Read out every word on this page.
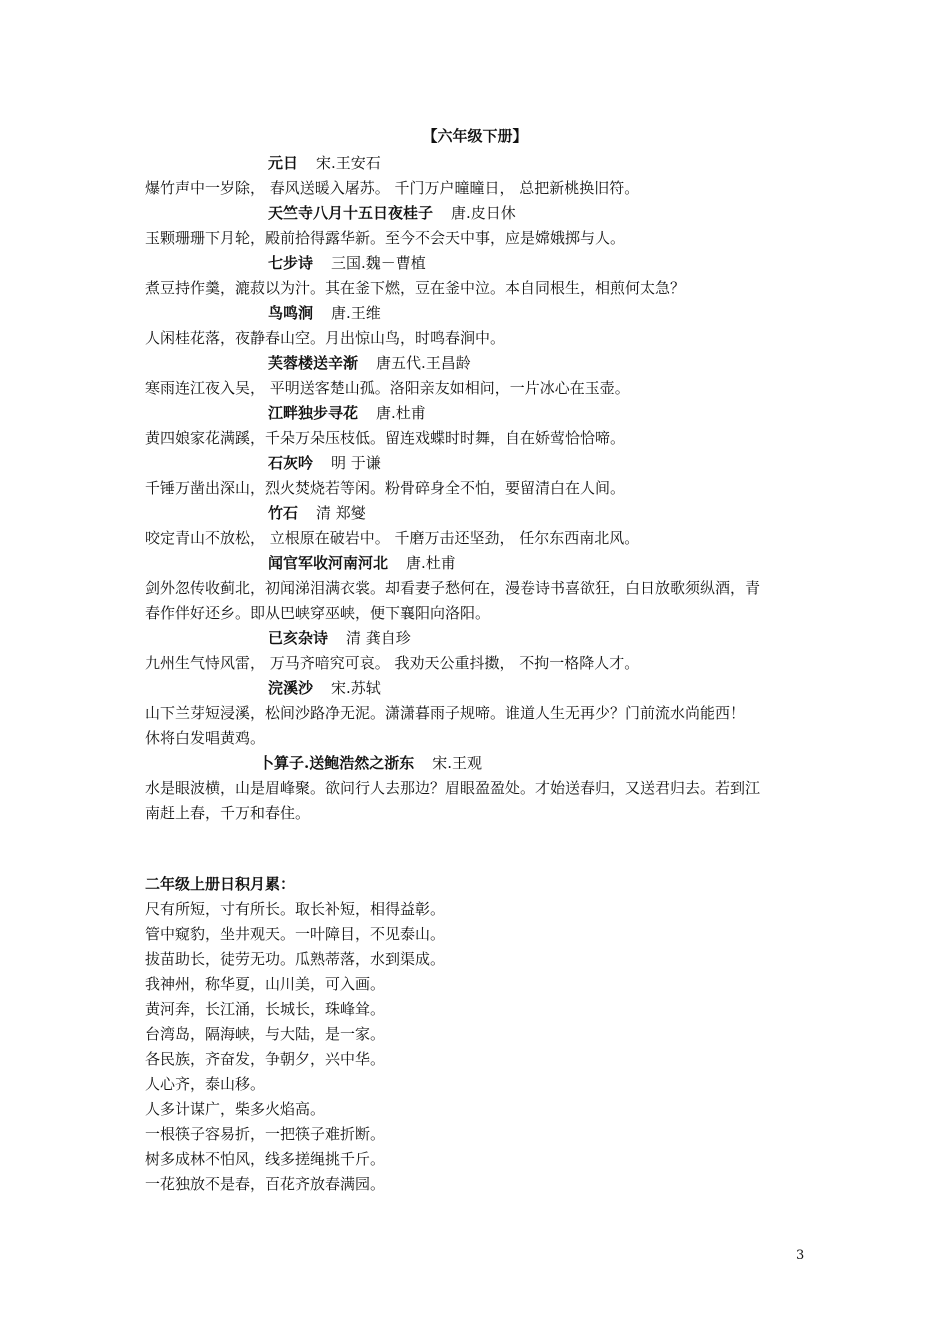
【六年级下册】
元日 宋.王安石
爆竹声中一岁除， 春风送暖入屠苏。 千门万户曈曈日， 总把新桃换旧符。
天竺寺八月十五日夜桂子 唐.皮日休
玉颗珊珊下月轮，殿前拾得露华新。至今不会天中事，应是嫦娥掷与人。
七步诗 三国.魏－曹植
煮豆持作羹，漉菽以为汁。其在釜下燃，豆在釜中泣。本自同根生，相煎何太急？
鸟鸣涧 唐.王维
人闲桂花落，夜静春山空。月出惊山鸟，时鸣春涧中。
芙蓉楼送辛渐 唐五代.王昌龄
寒雨连江夜入吴， 平明送客楚山孤。洛阳亲友如相问，一片冰心在玉壶。
江畔独步寻花 唐.杜甫
黄四娘家花满蹊，千朵万朵压枝低。留连戏蝶时时舞，自在娇莺恰恰啼。
石灰吟 明 于谦
千锤万凿出深山，烈火焚烧若等闲。粉骨碎身全不怕，要留清白在人间。
竹石 清 郑燮
咬定青山不放松， 立根原在破岩中。 千磨万击还坚劲， 任尔东西南北风。
闻官军收河南河北 唐.杜甫
剑外忽传收蓟北，初闻涕泪满衣裳。却看妻子愁何在，漫卷诗书喜欲狂，白日放歌须纵酒，青
春作伴好还乡。即从巴峡穿巫峡，便下襄阳向洛阳。
已亥杂诗 清 龚自珍
九州生气恃风雷， 万马齐喑究可哀。 我劝天公重抖擞， 不拘一格降人才。
浣溪沙 宋.苏轼
山下兰芽短浸溪，松间沙路净无泥。潇潇暮雨子规啼。谁道人生无再少？门前流水尚能西！
休将白发唱黄鸡。
卜算子.送鲍浩然之浙东 宋.王观
水是眼波横，山是眉峰聚。欲问行人去那边？眉眼盈盈处。才始送春归，又送君归去。若到江
南赶上春，千万和春住。
二年级上册日积月累：
尺有所短，寸有所长。取长补短，相得益彰。
管中窥豹，坐井观天。一叶障目，不见泰山。
拔苗助长，徒劳无功。瓜熟蒂落，水到渠成。
我神州，称华夏，山川美，可入画。
黄河奔，长江涌，长城长，珠峰耸。
台湾岛，隔海峡，与大陆，是一家。
各民族，齐奋发，争朝夕，兴中华。
人心齐，泰山移。
人多计谋广，柴多火焰高。
一根筷子容易折，一把筷子难折断。
树多成林不怕风，线多搓绳挑千斤。
一花独放不是春，百花齐放春满园。
3
